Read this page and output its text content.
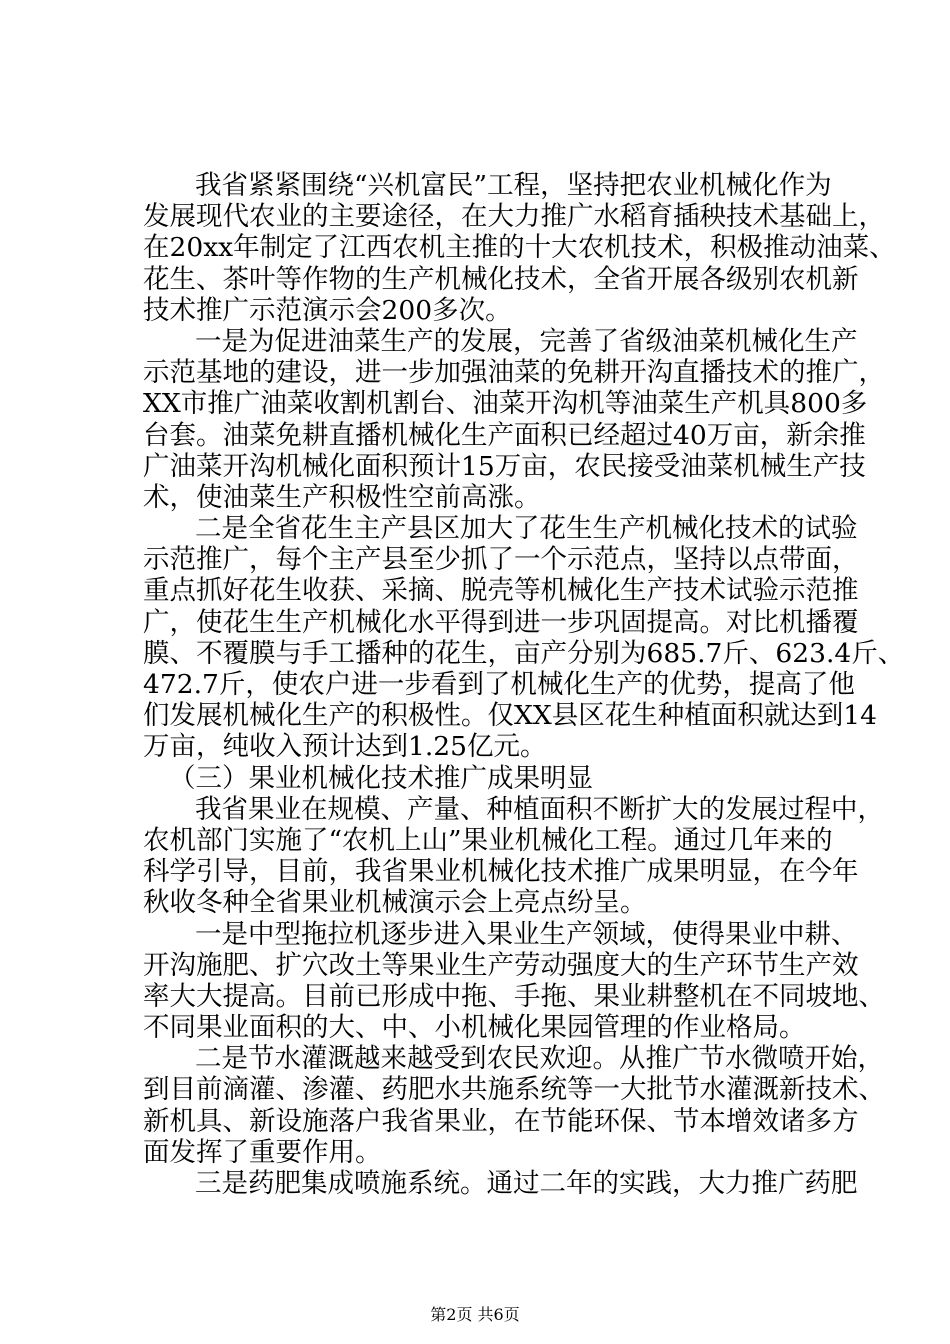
我省紧紧围绕“兴机富民”工程，坚持把农业机械化作为
发展现代农业的主要途径，在大力推广水稻育插秧技术基础上，
在20xx年制定了江西农机主推的十大农机技术，积极推动油菜、
花生、茶叶等作物的生产机械化技术，全省开展各级别农机新
技术推广示范演示会200多次。
一是为促进油菜生产的发展，完善了省级油菜机械化生产
示范基地的建设，进一步加强油菜的免耕开沟直播技术的推广，
XX市推广油菜收割机割台、油菜开沟机等油菜生产机具800多
台套。油菜免耕直播机械化生产面积已经超过40万亩，新余推
广油菜开沟机械化面积预计15万亩，农民接受油菜机械生产技
术，使油菜生产积极性空前高涨。
二是全省花生主产县区加大了花生生产机械化技术的试验
示范推广，每个主产县至少抓了一个示范点，坚持以点带面，
重点抓好花生收获、采摘、脱壳等机械化生产技术试验示范推
广，使花生生产机械化水平得到进一步巩固提高。对比机播覆
膜、不覆膜与手工播种的花生，亩产分别为685.7斤、623.4斤、
472.7斤，使农户进一步看到了机械化生产的优势，提高了他
们发展机械化生产的积极性。仅XX县区花生种植面积就达到14
万亩，纯收入预计达到1.25亿元。
（三）果业机械化技术推广成果明显
我省果业在规模、产量、种植面积不断扩大的发展过程中，
农机部门实施了“农机上山”果业机械化工程。通过几年来的
科学引导，目前，我省果业机械化技术推广成果明显，在今年
秋收冬种全省果业机械演示会上亮点纷呈。
一是中型拖拉机逐步进入果业生产领域，使得果业中耕、
开沟施肥、扩穴改土等果业生产劳动强度大的生产环节生产效
率大大提高。目前已形成中拖、手拖、果业耕整机在不同坡地、
不同果业面积的大、中、小机械化果园管理的作业格局。
二是节水灌溉越来越受到农民欢迎。从推广节水微喷开始，
到目前滴灌、渗灌、药肥水共施系统等一大批节水灌溉新技术、
新机具、新设施落户我省果业，在节能环保、节本增效诸多方
面发挥了重要作用。
三是药肥集成喷施系统。通过二年的实践，大力推广药肥
第2页 共6页
